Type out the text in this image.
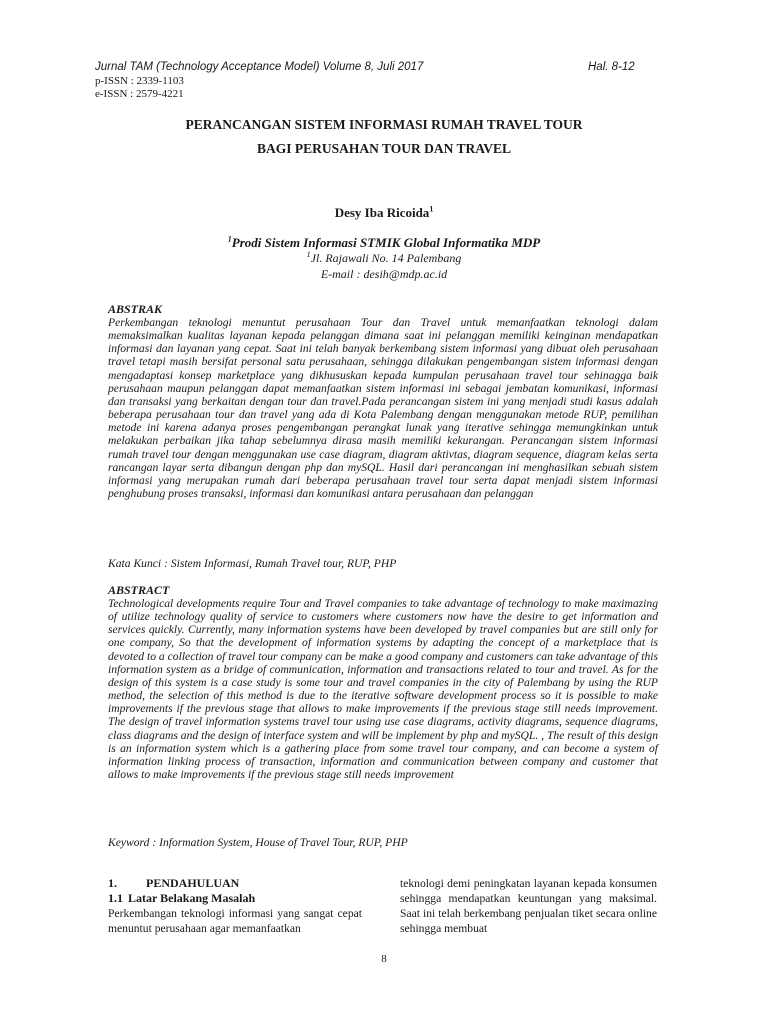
Jurnal TAM (Technology Acceptance Model) Volume 8, Juli 2017	Hal. 8-12
p-ISSN : 2339-1103
e-ISSN : 2579-4221
PERANCANGAN SISTEM INFORMASI RUMAH TRAVEL TOUR
BAGI PERUSAHAN TOUR DAN TRAVEL
Desy Iba Ricoida$^1$
$^1$Prodi Sistem Informasi STMIK Global Informatika MDP
$^1$Jl. Rajawali No. 14 Palembang
E-mail : desih@mdp.ac.id
ABSTRAK

Perkembangan teknologi menuntut perusahaan Tour dan Travel untuk memanfaatkan teknologi dalam memaksimalkan kualitas layanan kepada pelanggan dimana saat ini pelanggan memiliki keinginan mendapatkan informasi dan layanan yang cepat. Saat ini telah banyak berkembang sistem informasi yang dibuat oleh perusahaan travel tetapi masih bersifat personal satu perusahaan, sehingga dilakukan pengembangan sistem informasi dengan mengadaptasi konsep marketplace yang dikhususkan kepada kumpulan perusahaan travel tour sehinagga baik perusahaan maupun pelanggan dapat memanfaatkan sistem informasi ini sebagai jembatan komunikasi, informasi dan transaksi yang berkaitan dengan tour dan travel.Pada perancangan sistem ini yang menjadi studi kasus adalah beberapa perusahaan tour dan travel yang ada di Kota Palembang dengan menggunakan metode RUP, pemilihan metode ini karena adanya proses pengembangan perangkat lunak yang iterative sehingga memungkinkan untuk melakukan perbaikan jika tahap sebelumnya dirasa masih memiliki kekurangan. Perancangan sistem informasi rumah travel tour dengan menggunakan use case diagram, diagram aktivtas, diagram sequence, diagram kelas serta rancangan layar serta dibangun dengan php dan mySQL. Hasil dari perancangan ini menghasilkan sebuah sistem informasi yang merupakan rumah dari beberapa perusahaan travel tour serta dapat menjadi sistem informasi penghubung proses transaksi, informasi dan komunikasi antara perusahaan dan pelanggan

Kata Kunci : Sistem Informasi, Rumah Travel tour, RUP, PHP
ABSTRACT

Technological developments require Tour and Travel companies to take advantage of technology to make maximazing of utilize technology quality of service to customers where customers now have the desire to get information and services quickly. Currently, many information systems have been developed by travel companies but are still only for one company, So that the development of information systems by adapting the concept of a marketplace that is devoted to a collection of travel tour company can be make a good company and customers can take advantage of this information system as a bridge of communication, information and transactions related to tour and travel. As for the design of this system is a case study is some tour and travel companies in the city of Palembang by using the RUP method, the selection of this method is due to the iterative software development process so it is possible to make improvements if the previous stage that allows to make improvements if the previous stage still needs improvement. The design of travel information systems travel tour using use case diagrams, activity diagrams, sequence diagrams, class diagrams and the design of interface system and will be implement by php and mySQL. , The result of this design is an information system which is a gathering place from some travel tour company, and can become a system of information linking process of transaction, information and communication between company and customer that allows to make improvements if the previous stage still needs improvement

Keyword : Information System, House of Travel Tour, RUP, PHP
1. PENDAHULUAN
1.1 Latar Belakang Masalah

Perkembangan teknologi informasi yang sangat cepat menuntut perusahaan agar memanfaatkan

teknologi demi peningkatan layanan kepada konsumen sehingga mendapatkan keuntungan yang maksimal. Saat ini telah berkembang penjualan tiket secara online sehingga membuat

8
